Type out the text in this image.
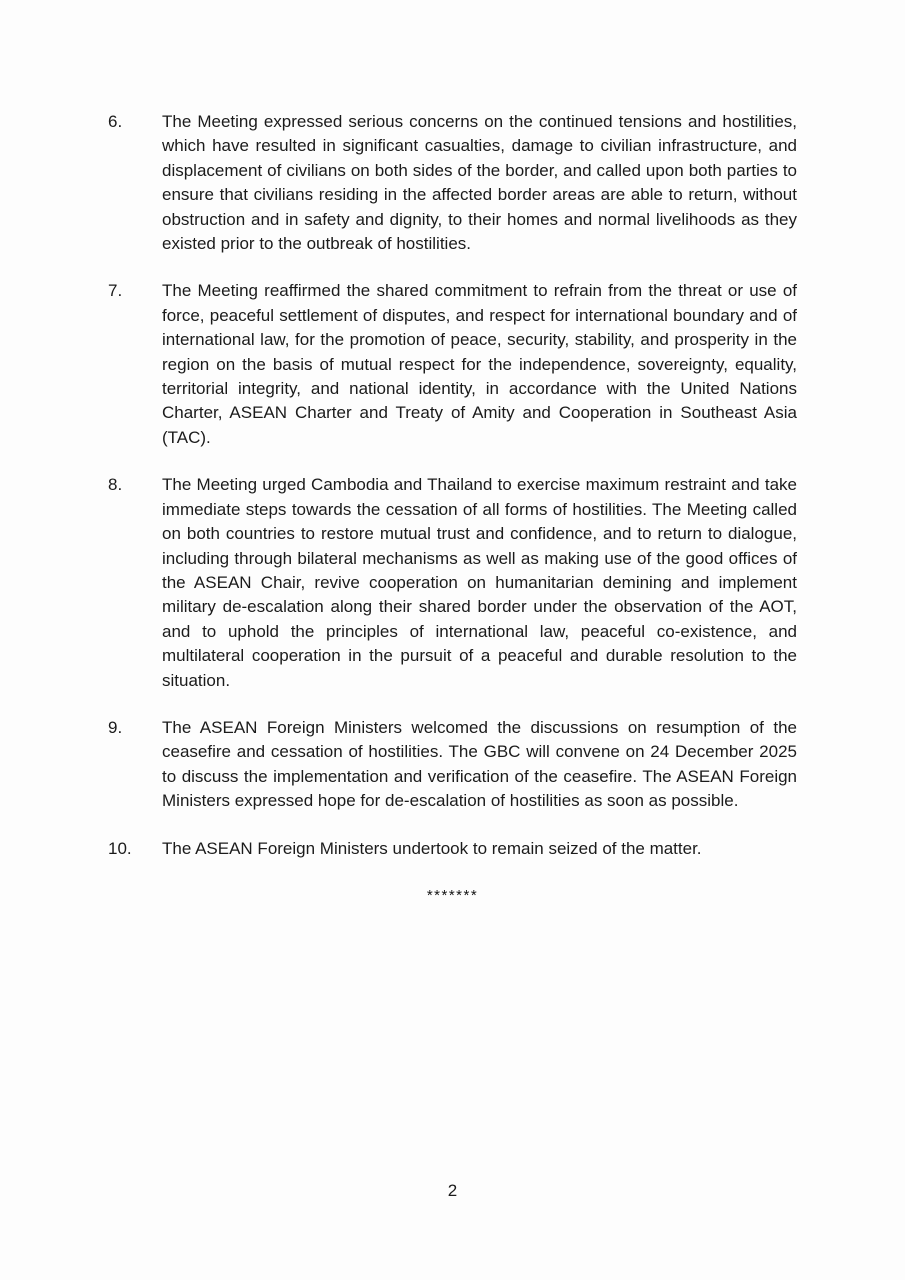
6. The Meeting expressed serious concerns on the continued tensions and hostilities, which have resulted in significant casualties, damage to civilian infrastructure, and displacement of civilians on both sides of the border, and called upon both parties to ensure that civilians residing in the affected border areas are able to return, without obstruction and in safety and dignity, to their homes and normal livelihoods as they existed prior to the outbreak of hostilities.
7. The Meeting reaffirmed the shared commitment to refrain from the threat or use of force, peaceful settlement of disputes, and respect for international boundary and of international law, for the promotion of peace, security, stability, and prosperity in the region on the basis of mutual respect for the independence, sovereignty, equality, territorial integrity, and national identity, in accordance with the United Nations Charter, ASEAN Charter and Treaty of Amity and Cooperation in Southeast Asia (TAC).
8. The Meeting urged Cambodia and Thailand to exercise maximum restraint and take immediate steps towards the cessation of all forms of hostilities. The Meeting called on both countries to restore mutual trust and confidence, and to return to dialogue, including through bilateral mechanisms as well as making use of the good offices of the ASEAN Chair, revive cooperation on humanitarian demining and implement military de-escalation along their shared border under the observation of the AOT, and to uphold the principles of international law, peaceful co-existence, and multilateral cooperation in the pursuit of a peaceful and durable resolution to the situation.
9. The ASEAN Foreign Ministers welcomed the discussions on resumption of the ceasefire and cessation of hostilities. The GBC will convene on 24 December 2025 to discuss the implementation and verification of the ceasefire. The ASEAN Foreign Ministers expressed hope for de-escalation of hostilities as soon as possible.
10. The ASEAN Foreign Ministers undertook to remain seized of the matter.
*******
2
